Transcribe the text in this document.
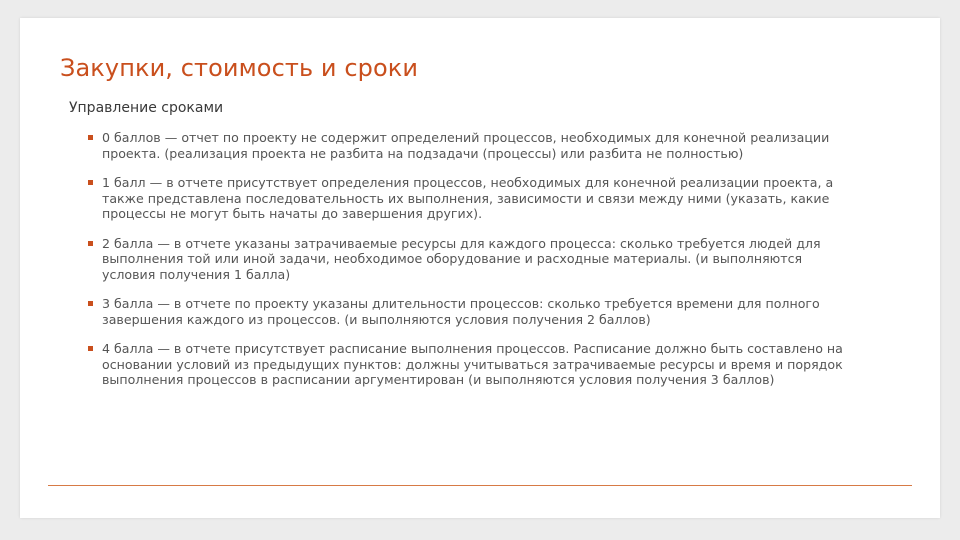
Закупки, стоимость и сроки

Управление сроками

0 баллов — отчет по проекту не содержит определений процессов, необходимых для конечной реализации проекта. (реализация проекта не разбита на подзадачи (процессы) или разбита не полностью)
1 балл — в отчете присутствует определения процессов, необходимых для конечной реализации проекта, а также представлена последовательность их выполнения, зависимости и связи между ними (указать, какие процессы не могут быть начаты до завершения других).
2 балла — в отчете указаны затрачиваемые ресурсы для каждого процесса: сколько требуется людей для выполнения той или иной задачи, необходимое оборудование и расходные материалы. (и выполняются условия получения 1 балла)
3 балла — в отчете по проекту указаны длительности процессов: сколько требуется времени для полного завершения каждого из процессов. (и выполняются условия получения 2 баллов)
4 балла — в отчете присутствует расписание выполнения процессов. Расписание должно быть составлено на основании условий из предыдущих пунктов: должны учитываться затрачиваемые ресурсы и время и порядок выполнения процессов в расписании аргументирован (и выполняются условия получения 3 баллов)
